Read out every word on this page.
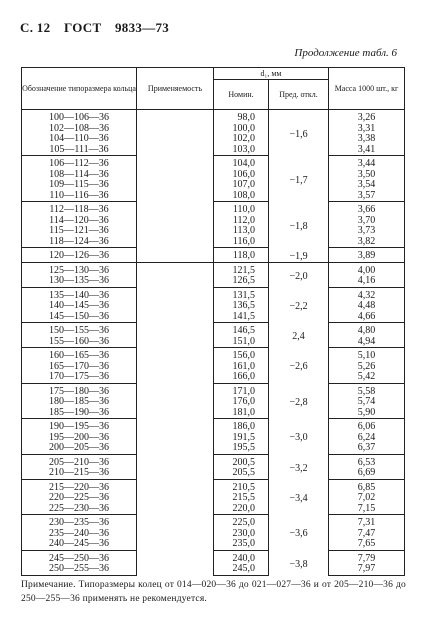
С. 12 ГОСТ 9833—73
Продолжение табл. 6
Обозначение типоразмера кольца	Применяемость	d₁, мм		Масса 1000 шт., кг
		Номин.	Пред. откл.	
100—106—36		98,0	−1,6	3,26
102—108—36		100,0		3,31
104—110—36		102,0		3,38
105—111—36		103,0		3,41
106—112—36		104,0	−1,7	3,44
108—114—36		106,0		3,50
109—115—36		107,0		3,54
110—116—36		108,0		3,57
112—118—36		110,0	−1,8	3,66
114—120—36		112,0		3,70
115—121—36		113,0		3,73
118—124—36		116,0		3,82
120—126—36		118,0	−1,9	3,89
125—130—36		121,5	−2,0	4,00
130—135—36		126,5		4,16
135—140—36		131,5	−2,2	4,32
140—145—36		136,5		4,48
145—150—36		141,5		4,66
150—155—36		146,5	2,4	4,80
155—160—36		151,0		4,94
160—165—36		156,0	−2,6	5,10
165—170—36		161,0		5,26
170—175—36		166,0		5,42
175—180—36		171,0	−2,8	5,58
180—185—36		176,0		5,74
185—190—36		181,0		5,90
190—195—36		186,0	−3,0	6,06
195—200—36		191,5		6,24
200—205—36		195,5		6,37
205—210—36		200,5	−3,2	6,53
210—215—36		205,5		6,69
215—220—36		210,5	−3,4	6,85
220—225—36		215,5		7,02
225—230—36		220,0		7,15
230—235—36		225,0	−3,6	7,31
235—240—36		230,0		7,47
240—245—36		235,0		7,65
245—250—36		240,0	−3,8	7,79
250—255—36		245,0		7,97
Примечание. Типоразмеры колец от 014—020—36 до 021—027—36 и от 205—210—36 до 250—255—36 применять не рекомендуется.
